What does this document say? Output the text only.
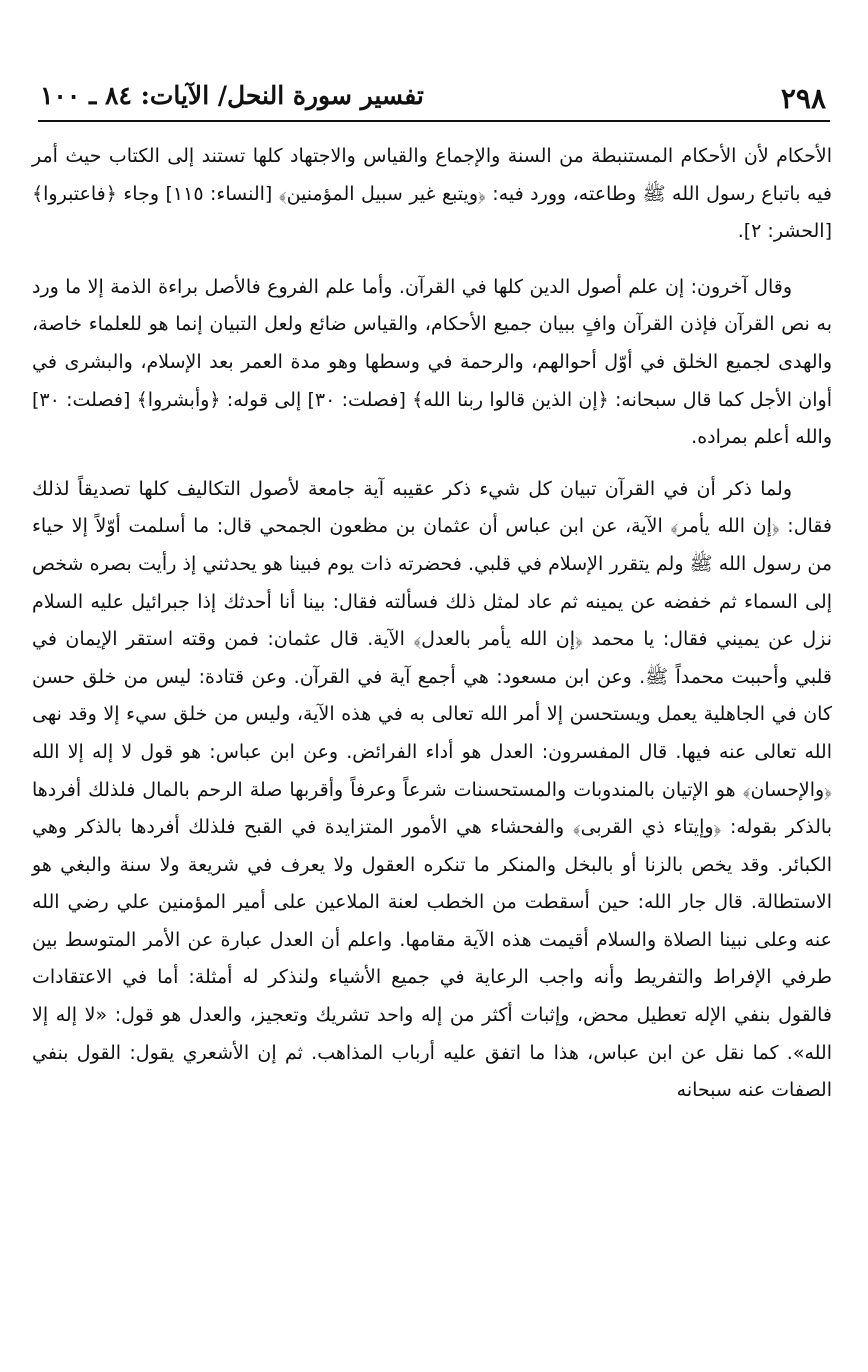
٢٩٨
تفسير سورة النحل/ الآيات: ٨٤ ـ ١٠٠

الأحكام لأن الأحكام المستنبطة من السنة والإجماع والقياس والاجتهاد كلها تستند إلى الكتاب حيث أمر فيه باتباع رسول الله ﷺ وطاعته، وورد فيه: ﴿ويتبع غير سبيل المؤمنين﴾ [النساء: ١١٥] وجاء ﴿فاعتبروا﴾ [الحشر: ٢].

وقال آخرون: إن علم أصول الدين كلها في القرآن. وأما علم الفروع فالأصل براءة الذمة إلا ما ورد به نص القرآن فإذن القرآن وافٍ ببيان جميع الأحكام، والقياس ضائع ولعل التبيان إنما هو للعلماء خاصة، والهدى لجميع الخلق في أوّل أحوالهم، والرحمة في وسطها وهو مدة العمر بعد الإسلام، والبشرى في أوان الأجل كما قال سبحانه: ﴿إن الذين قالوا ربنا الله﴾ [فصلت: ٣٠] إلى قوله: ﴿وأبشروا﴾ [فصلت: ٣٠] والله أعلم بمراده.

ولما ذكر أن في القرآن تبيان كل شيء ذكر عقيبه آية جامعة لأصول التكاليف كلها تصديقاً لذلك فقال: ﴿إن الله يأمر﴾ الآية، عن ابن عباس أن عثمان بن مظعون الجمحي قال: ما أسلمت أوّلاً إلا حياء من رسول الله ﷺ ولم يتقرر الإسلام في قلبي. فحضرته ذات يوم فبينا هو يحدثني إذ رأيت بصره شخص إلى السماء ثم خفضه عن يمينه ثم عاد لمثل ذلك فسألته فقال: بينا أنا أحدثك إذا جبرائيل عليه السلام نزل عن يميني فقال: يا محمد ﴿إن الله يأمر بالعدل﴾ الآية. قال عثمان: فمن وقته استقر الإيمان في قلبي وأحببت محمداً ﷺ. وعن ابن مسعود: هي أجمع آية في القرآن. وعن قتادة: ليس من خلق حسن كان في الجاهلية يعمل ويستحسن إلا أمر الله تعالى به في هذه الآية، وليس من خلق سيء إلا وقد نهى الله تعالى عنه فيها. قال المفسرون: العدل هو أداء الفرائض. وعن ابن عباس: هو قول لا إله إلا الله ﴿والإحسان﴾ هو الإتيان بالمندوبات والمستحسنات شرعاً وعرفاً وأقربها صلة الرحم بالمال فلذلك أفردها بالذكر بقوله: ﴿وإيتاء ذي القربى﴾ والفحشاء هي الأمور المتزايدة في القبح فلذلك أفردها بالذكر وهي الكبائر. وقد يخص بالزنا أو بالبخل والمنكر ما تنكره العقول ولا يعرف في شريعة ولا سنة والبغي هو الاستطالة. قال جار الله: حين أسقطت من الخطب لعنة الملاعين على أمير المؤمنين علي رضي الله عنه وعلى نبينا الصلاة والسلام أقيمت هذه الآية مقامها. واعلم أن العدل عبارة عن الأمر المتوسط بين طرفي الإفراط والتفريط وأنه واجب الرعاية في جميع الأشياء ولنذكر له أمثلة: أما في الاعتقادات فالقول بنفي الإله تعطيل محض، وإثبات أكثر من إله واحد تشريك وتعجيز، والعدل هو قول: «لا إله إلا الله». كما نقل عن ابن عباس، هذا ما اتفق عليه أرباب المذاهب. ثم إن الأشعري يقول: القول بنفي الصفات عنه سبحانه
